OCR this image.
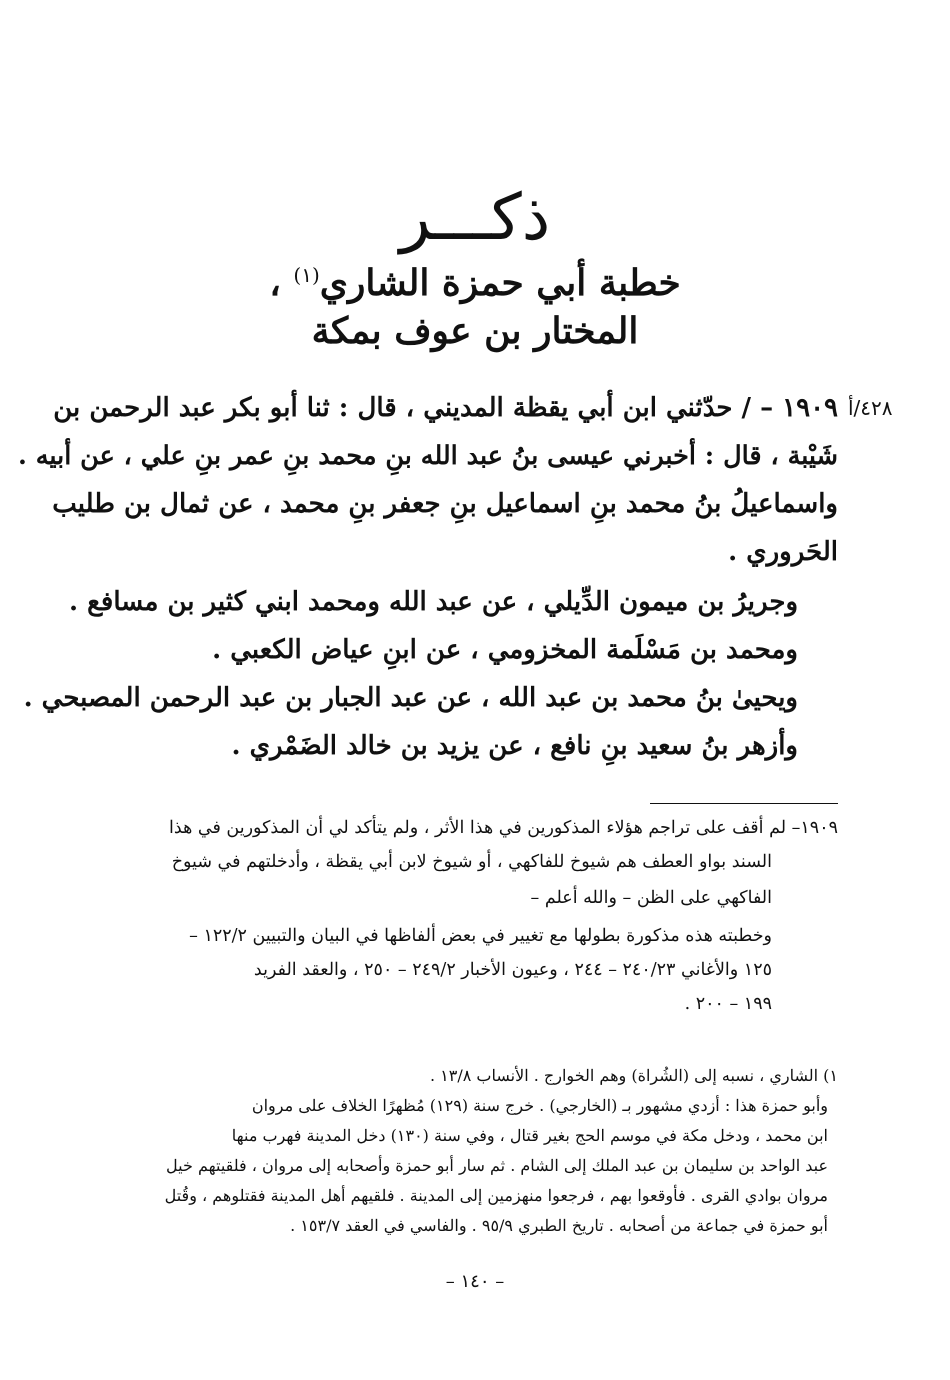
ذكـــر
خطبة أبي حمزة الشاري$^{(١)}$ ،
المختار بن عوف بمكة
٤٢٨/أ
١٩٠٩ – / حدّثني ابن أبي يقظة المديني ، قال : ثنا أبو بكر عبد الرحمن بن
شَيْبة ، قال : أخبرني عيسى بنُ عبد الله بنِ محمد بنِ عمر بنِ علي ، عن أبيه .
واسماعيلُ بنُ محمد بنِ اسماعيل بنِ جعفر بنِ محمد ، عن ثمال بن طليب
الحَروري .
وجريرُ بن ميمون الدِّيلي ، عن عبد الله ومحمد ابني كثير بن مسافع .
ومحمد بن مَسْلَمة المخزومي ، عن ابنِ عياض الكعبي .
ويحيىٰ بنُ محمد بن عبد الله ، عن عبد الجبار بن عبد الرحمن المصبحي .
وأزهر بنُ سعيد بنِ نافع ، عن يزيد بن خالد الضَمْري .
١٩٠٩– لم أقف على تراجم هؤلاء المذكورين في هذا الأثر ، ولم يتأكد لي أن المذكورين في هذا
السند بواو العطف هم شيوخ للفاكهي ، أو شيوخ لابن أبي يقظة ، وأدخلتهم في شيوخ
الفاكهي على الظن – والله أعلم –
وخطبته هذه مذكورة بطولها مع تغيير في بعض ألفاظها في البيان والتبيين ١٢٢/٢ –
١٢٥ والأغاني ٢٤٠/٢٣ – ٢٤٤ ، وعيون الأخبار ٢٤٩/٢ – ٢٥٠ ، والعقد الفريد
١٩٩ – ٢٠٠ .
١) الشاري ، نسبه إلى (الشُراة) وهم الخوارج . الأنساب ١٣/٨ .
وأبو حمزة هذا : أزدي مشهور بـ (الخارجي) . خرج سنة (١٢٩) مُظهرًا الخلاف على مروان
ابن محمد ، ودخل مكة في موسم الحج بغير قتال ، وفي سنة (١٣٠) دخل المدينة فهرب منها
عبد الواحد بن سليمان بن عبد الملك إلى الشام . ثم سار أبو حمزة وأصحابه إلى مروان ، فلقيتهم خيل
مروان بوادي القرى . فأوقعوا بهم ، فرجعوا منهزمين إلى المدينة . فلقيهم أهل المدينة فقتلوهم ، وقُتل
أبو حمزة في جماعة من أصحابه . تاريخ الطبري ٩٥/٩ . والفاسي في العقد ١٥٣/٧ .
– ١٤٠ –
